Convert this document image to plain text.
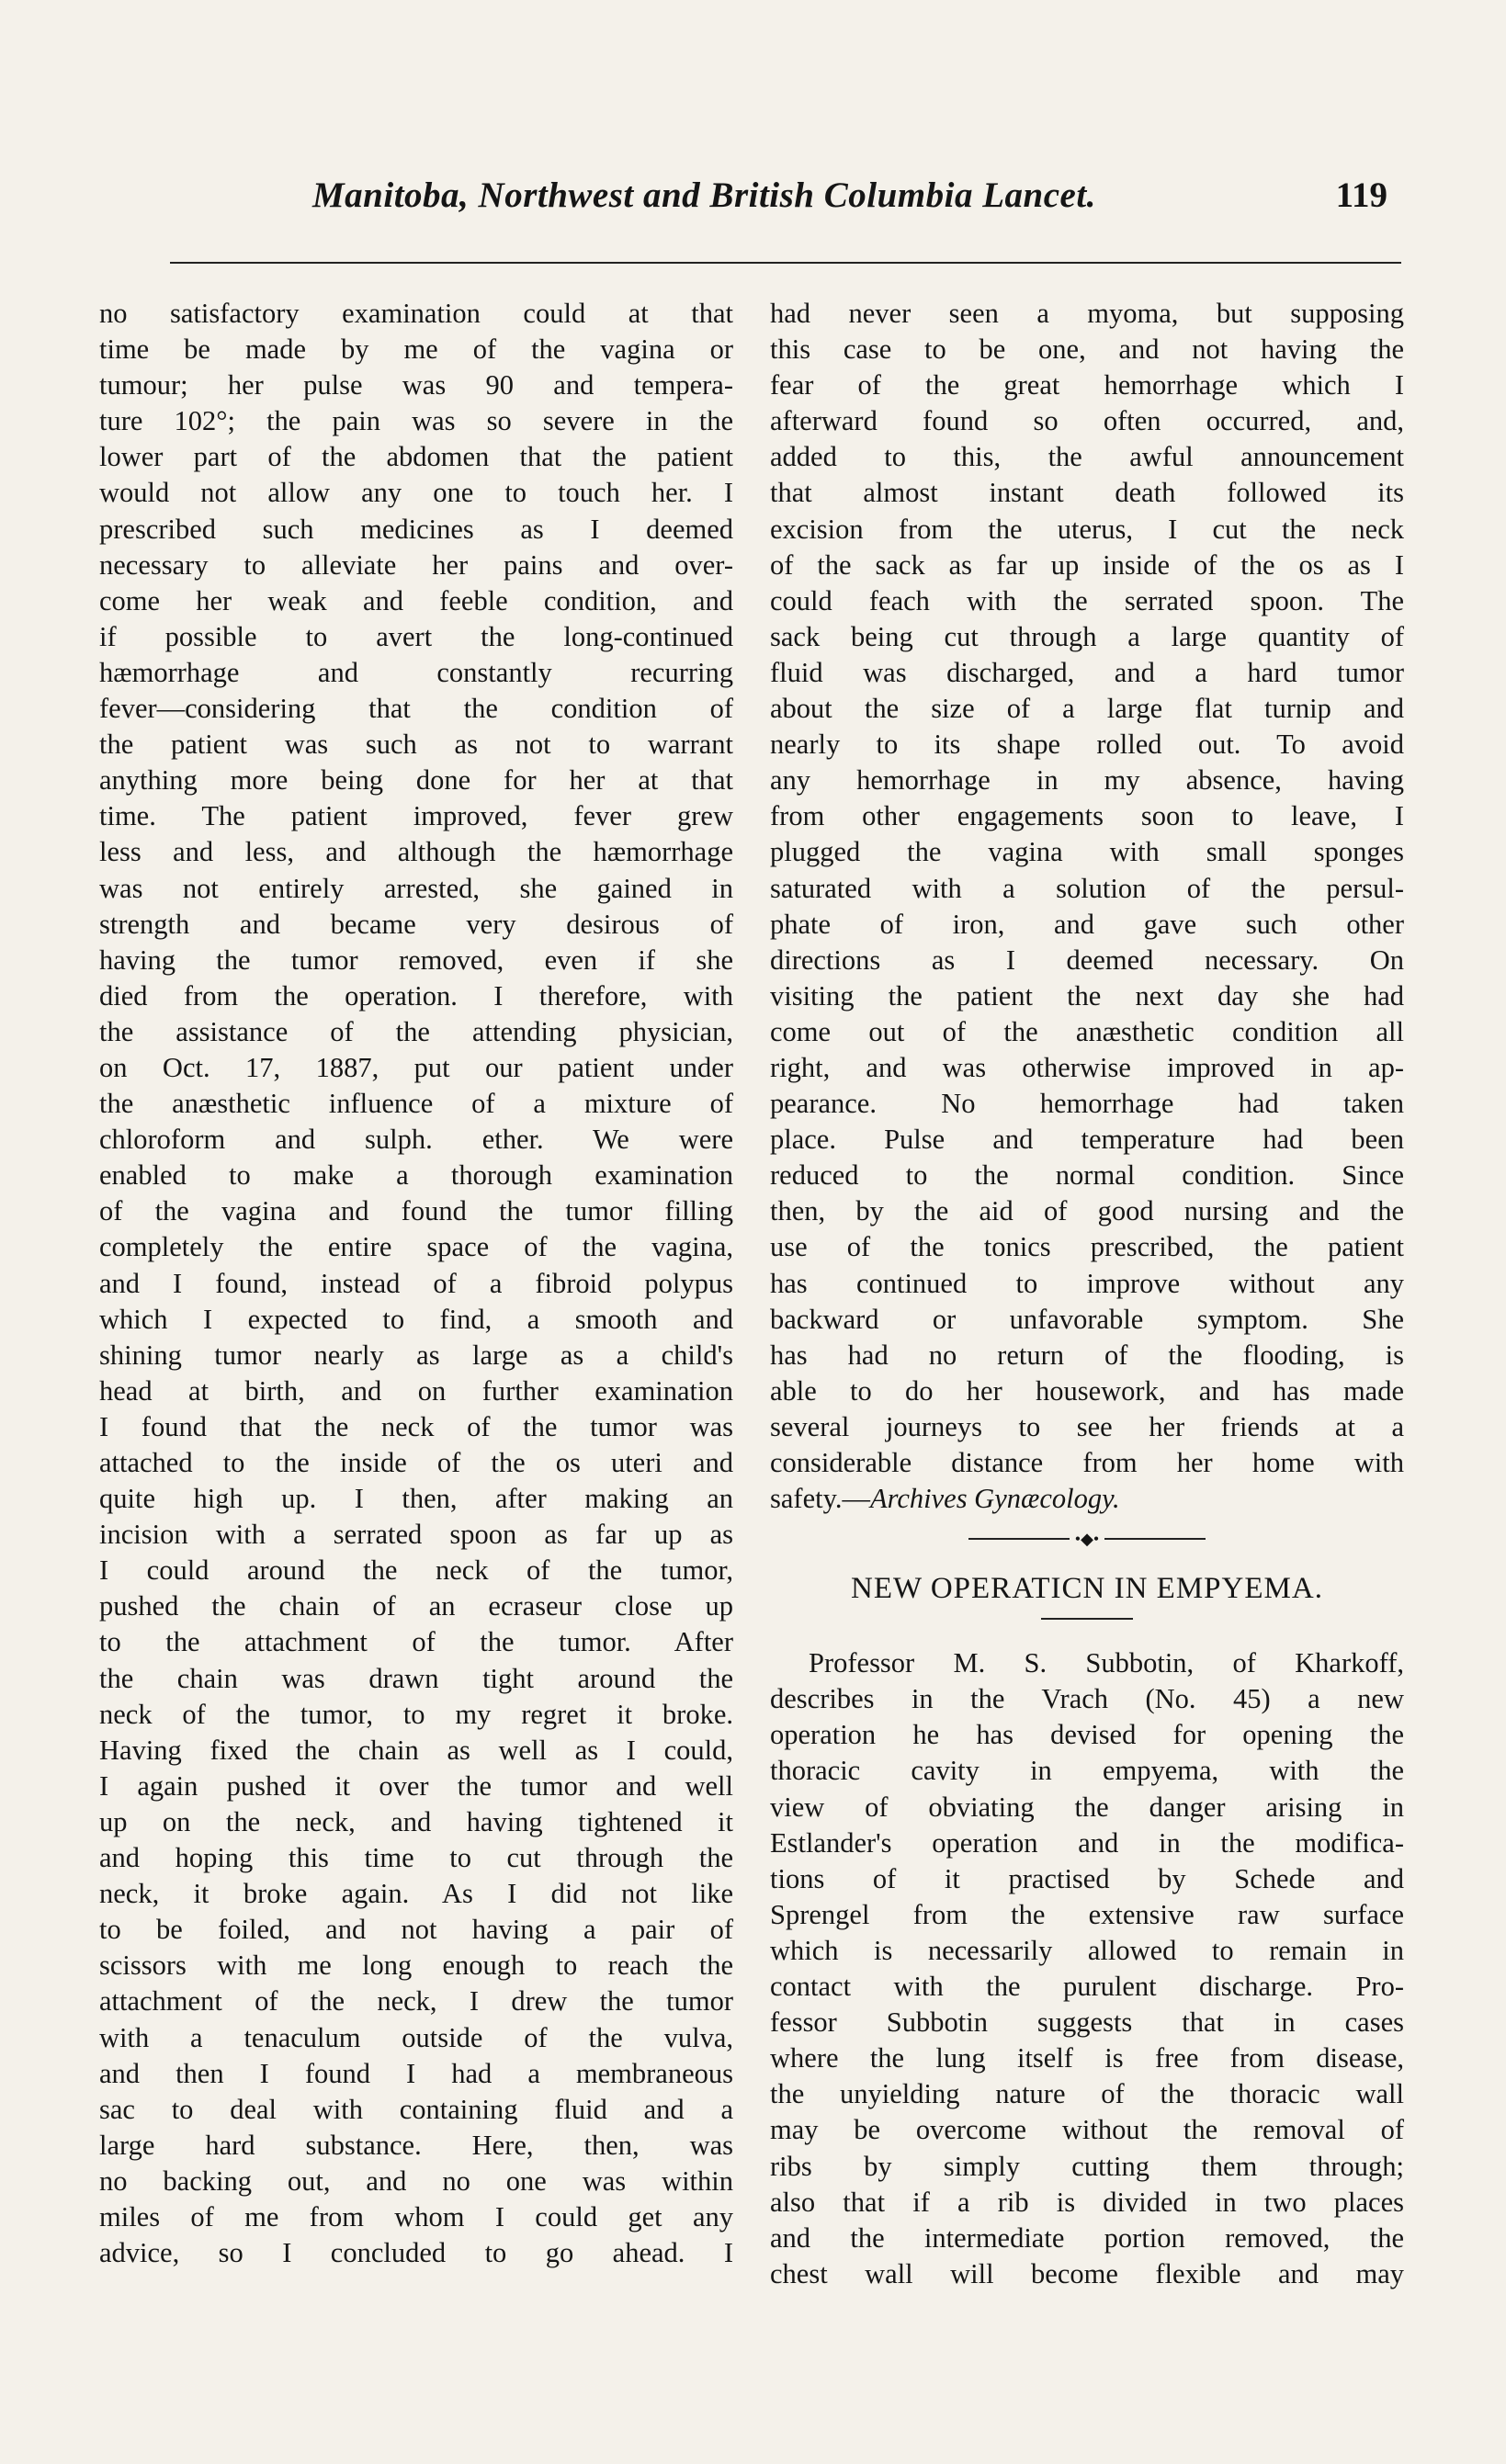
Manitoba, Northwest and British Columbia Lancet.	119
no satisfactory examination could at that
time be made by me of the vagina or
tumour; her pulse was 90 and tempera-
ture 102°; the pain was so severe in the
lower part of the abdomen that the patient
would not allow any one to touch her. I
prescribed such medicines as I deemed
necessary to alleviate her pains and over-
come her weak and feeble condition, and
if possible to avert the long-continued
hæmorrhage and constantly recurring
fever—considering that the condition of
the patient was such as not to warrant
anything more being done for her at that
time. The patient improved, fever grew
less and less, and although the hæmorrhage
was not entirely arrested, she gained in
strength and became very desirous of
having the tumor removed, even if she
died from the operation. I therefore, with
the assistance of the attending physician,
on Oct. 17, 1887, put our patient under
the anæsthetic influence of a mixture of
chloroform and sulph. ether. We were
enabled to make a thorough examination
of the vagina and found the tumor filling
completely the entire space of the vagina,
and I found, instead of a fibroid polypus
which I expected to find, a smooth and
shining tumor nearly as large as a child's
head at birth, and on further examination
I found that the neck of the tumor was
attached to the inside of the os uteri and
quite high up. I then, after making an
incision with a serrated spoon as far up as
I could around the neck of the tumor,
pushed the chain of an ecraseur close up
to the attachment of the tumor. After
the chain was drawn tight around the
neck of the tumor, to my regret it broke.
Having fixed the chain as well as I could,
I again pushed it over the tumor and well
up on the neck, and having tightened it
and hoping this time to cut through the
neck, it broke again. As I did not like
to be foiled, and not having a pair of
scissors with me long enough to reach the
attachment of the neck, I drew the tumor
with a tenaculum outside of the vulva,
and then I found I had a membraneous
sac to deal with containing fluid and a
large hard substance. Here, then, was
no backing out, and no one was within
miles of me from whom I could get any
advice, so I concluded to go ahead. I
had never seen a myoma, but supposing
this case to be one, and not having the
fear of the great hemorrhage which I
afterward found so often occurred, and,
added to this, the awful announcement
that almost instant death followed its
excision from the uterus, I cut the neck
of the sack as far up inside of the os as I
could feach with the serrated spoon. The
sack being cut through a large quantity of
fluid was discharged, and a hard tumor
about the size of a large flat turnip and
nearly to its shape rolled out. To avoid
any hemorrhage in my absence, having
from other engagements soon to leave, I
plugged the vagina with small sponges
saturated with a solution of the persul-
phate of iron, and gave such other
directions as I deemed necessary. On
visiting the patient the next day she had
come out of the anæsthetic condition all
right, and was otherwise improved in ap-
pearance. No hemorrhage had taken
place. Pulse and temperature had been
reduced to the normal condition. Since
then, by the aid of good nursing and the
use of the tonics prescribed, the patient
has continued to improve without any
backward or unfavorable symptom. She
has had no return of the flooding, is
able to do her housework, and has made
several journeys to see her friends at a
considerable distance from her home with
safety.—Archives Gynæcology.
•◆•
NEW OPERATICN IN EMPYEMA.
Professor M. S. Subbotin, of Kharkoff,
describes in the Vrach (No. 45) a new
operation he has devised for opening the
thoracic cavity in empyema, with the
view of obviating the danger arising in
Estlander's operation and in the modifica-
tions of it practised by Schede and
Sprengel from the extensive raw surface
which is necessarily allowed to remain in
contact with the purulent discharge. Pro-
fessor Subbotin suggests that in cases
where the lung itself is free from disease,
the unyielding nature of the thoracic wall
may be overcome without the removal of
ribs by simply cutting them through;
also that if a rib is divided in two places
and the intermediate portion removed, the
chest wall will become flexible and may
